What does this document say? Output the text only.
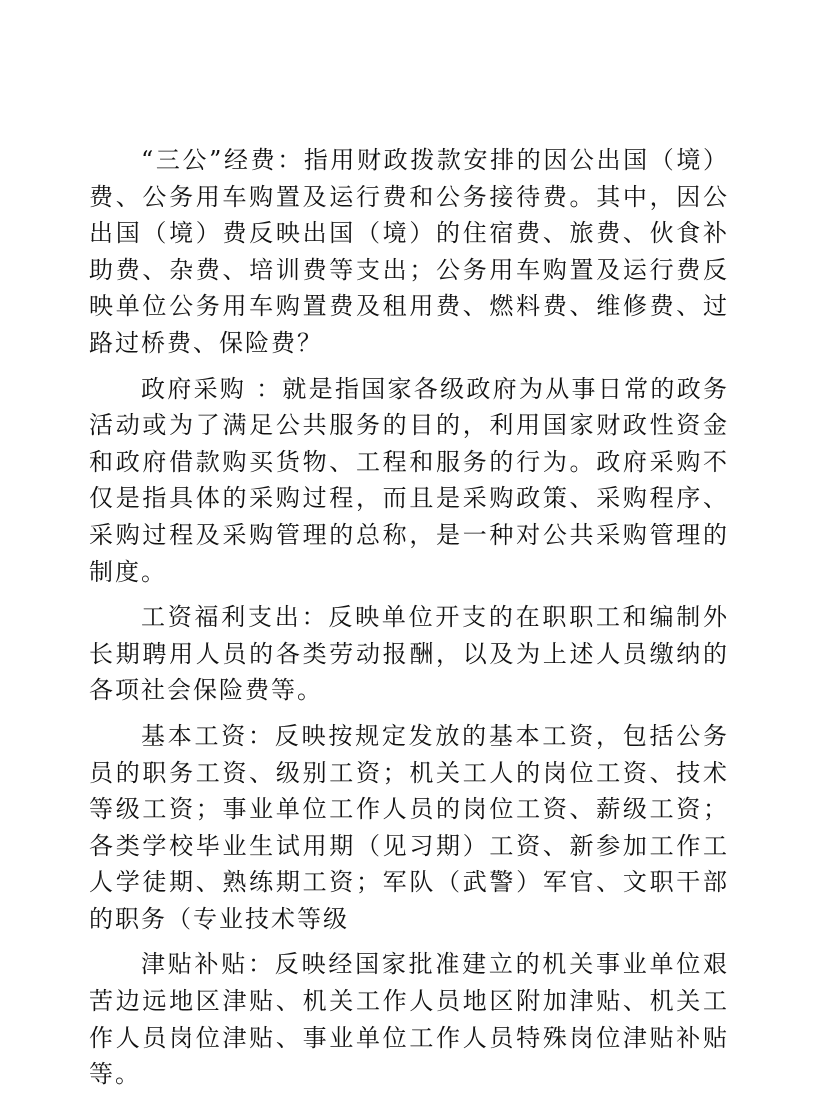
“三公”经费：指用财政拨款安排的因公出国（境）费、公务用车购置及运行费和公务接待费。其中，因公出国（境）费反映出国（境）的住宿费、旅费、伙食补助费、杂费、培训费等支出；公务用车购置及运行费反映单位公务用车购置费及租用费、燃料费、维修费、过路过桥费、保险费？

政府采购 ：就是指国家各级政府为从事日常的政务活动或为了满足公共服务的目的，利用国家财政性资金和政府借款购买货物、工程和服务的行为。政府采购不仅是指具体的采购过程，而且是采购政策、采购程序、采购过程及采购管理的总称，是一种对公共采购管理的制度。

工资福利支出：反映单位开支的在职职工和编制外长期聘用人员的各类劳动报酬，以及为上述人员缴纳的各项社会保险费等。

基本工资：反映按规定发放的基本工资，包括公务员的职务工资、级别工资；机关工人的岗位工资、技术等级工资；事业单位工作人员的岗位工资、薪级工资；各类学校毕业生试用期（见习期）工资、新参加工作工人学徒期、熟练期工资；军队（武警）军官、文职干部的职务（专业技术等级

津贴补贴：反映经国家批准建立的机关事业单位艰苦边远地区津贴、机关工作人员地区附加津贴、机关工作人员岗位津贴、事业单位工作人员特殊岗位津贴补贴等。
